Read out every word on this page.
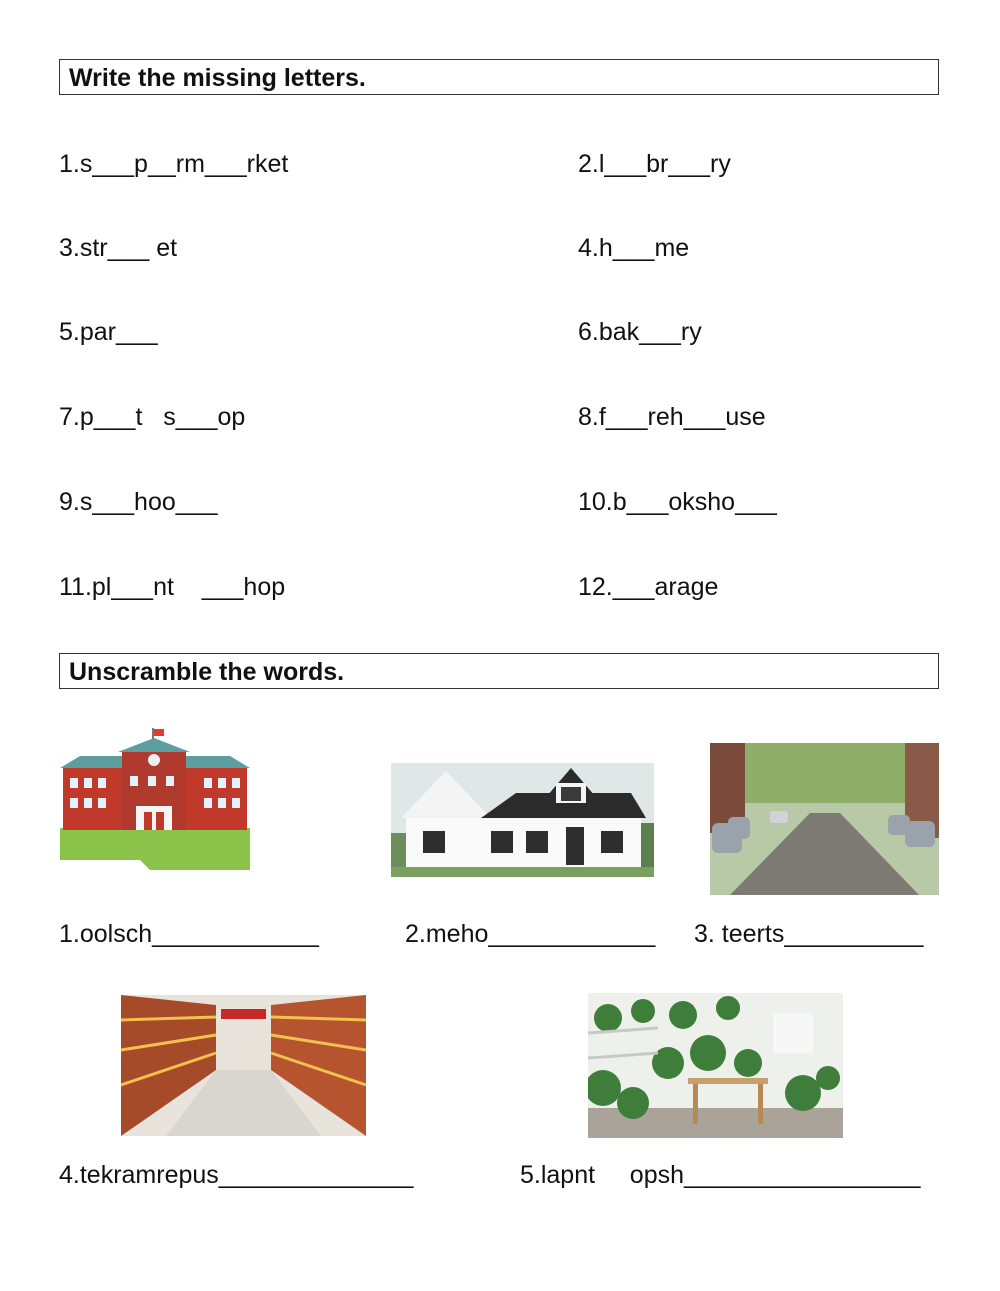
Write the missing letters.
1.s___p__rm___rket	2.l___br___ry
3.str___ et	4.h___me
5.par___	6.bak___ry
7.p___t   s___op	8.f___reh___use
9.s___hoo___	10.b___oksho___
11.pl___nt    ___hop	12.___arage
Unscramble the words.
1.oolsch____________	2.meho____________ 3. teerts__________
4.tekramrepus______________	5.lapnt     opsh_________________
